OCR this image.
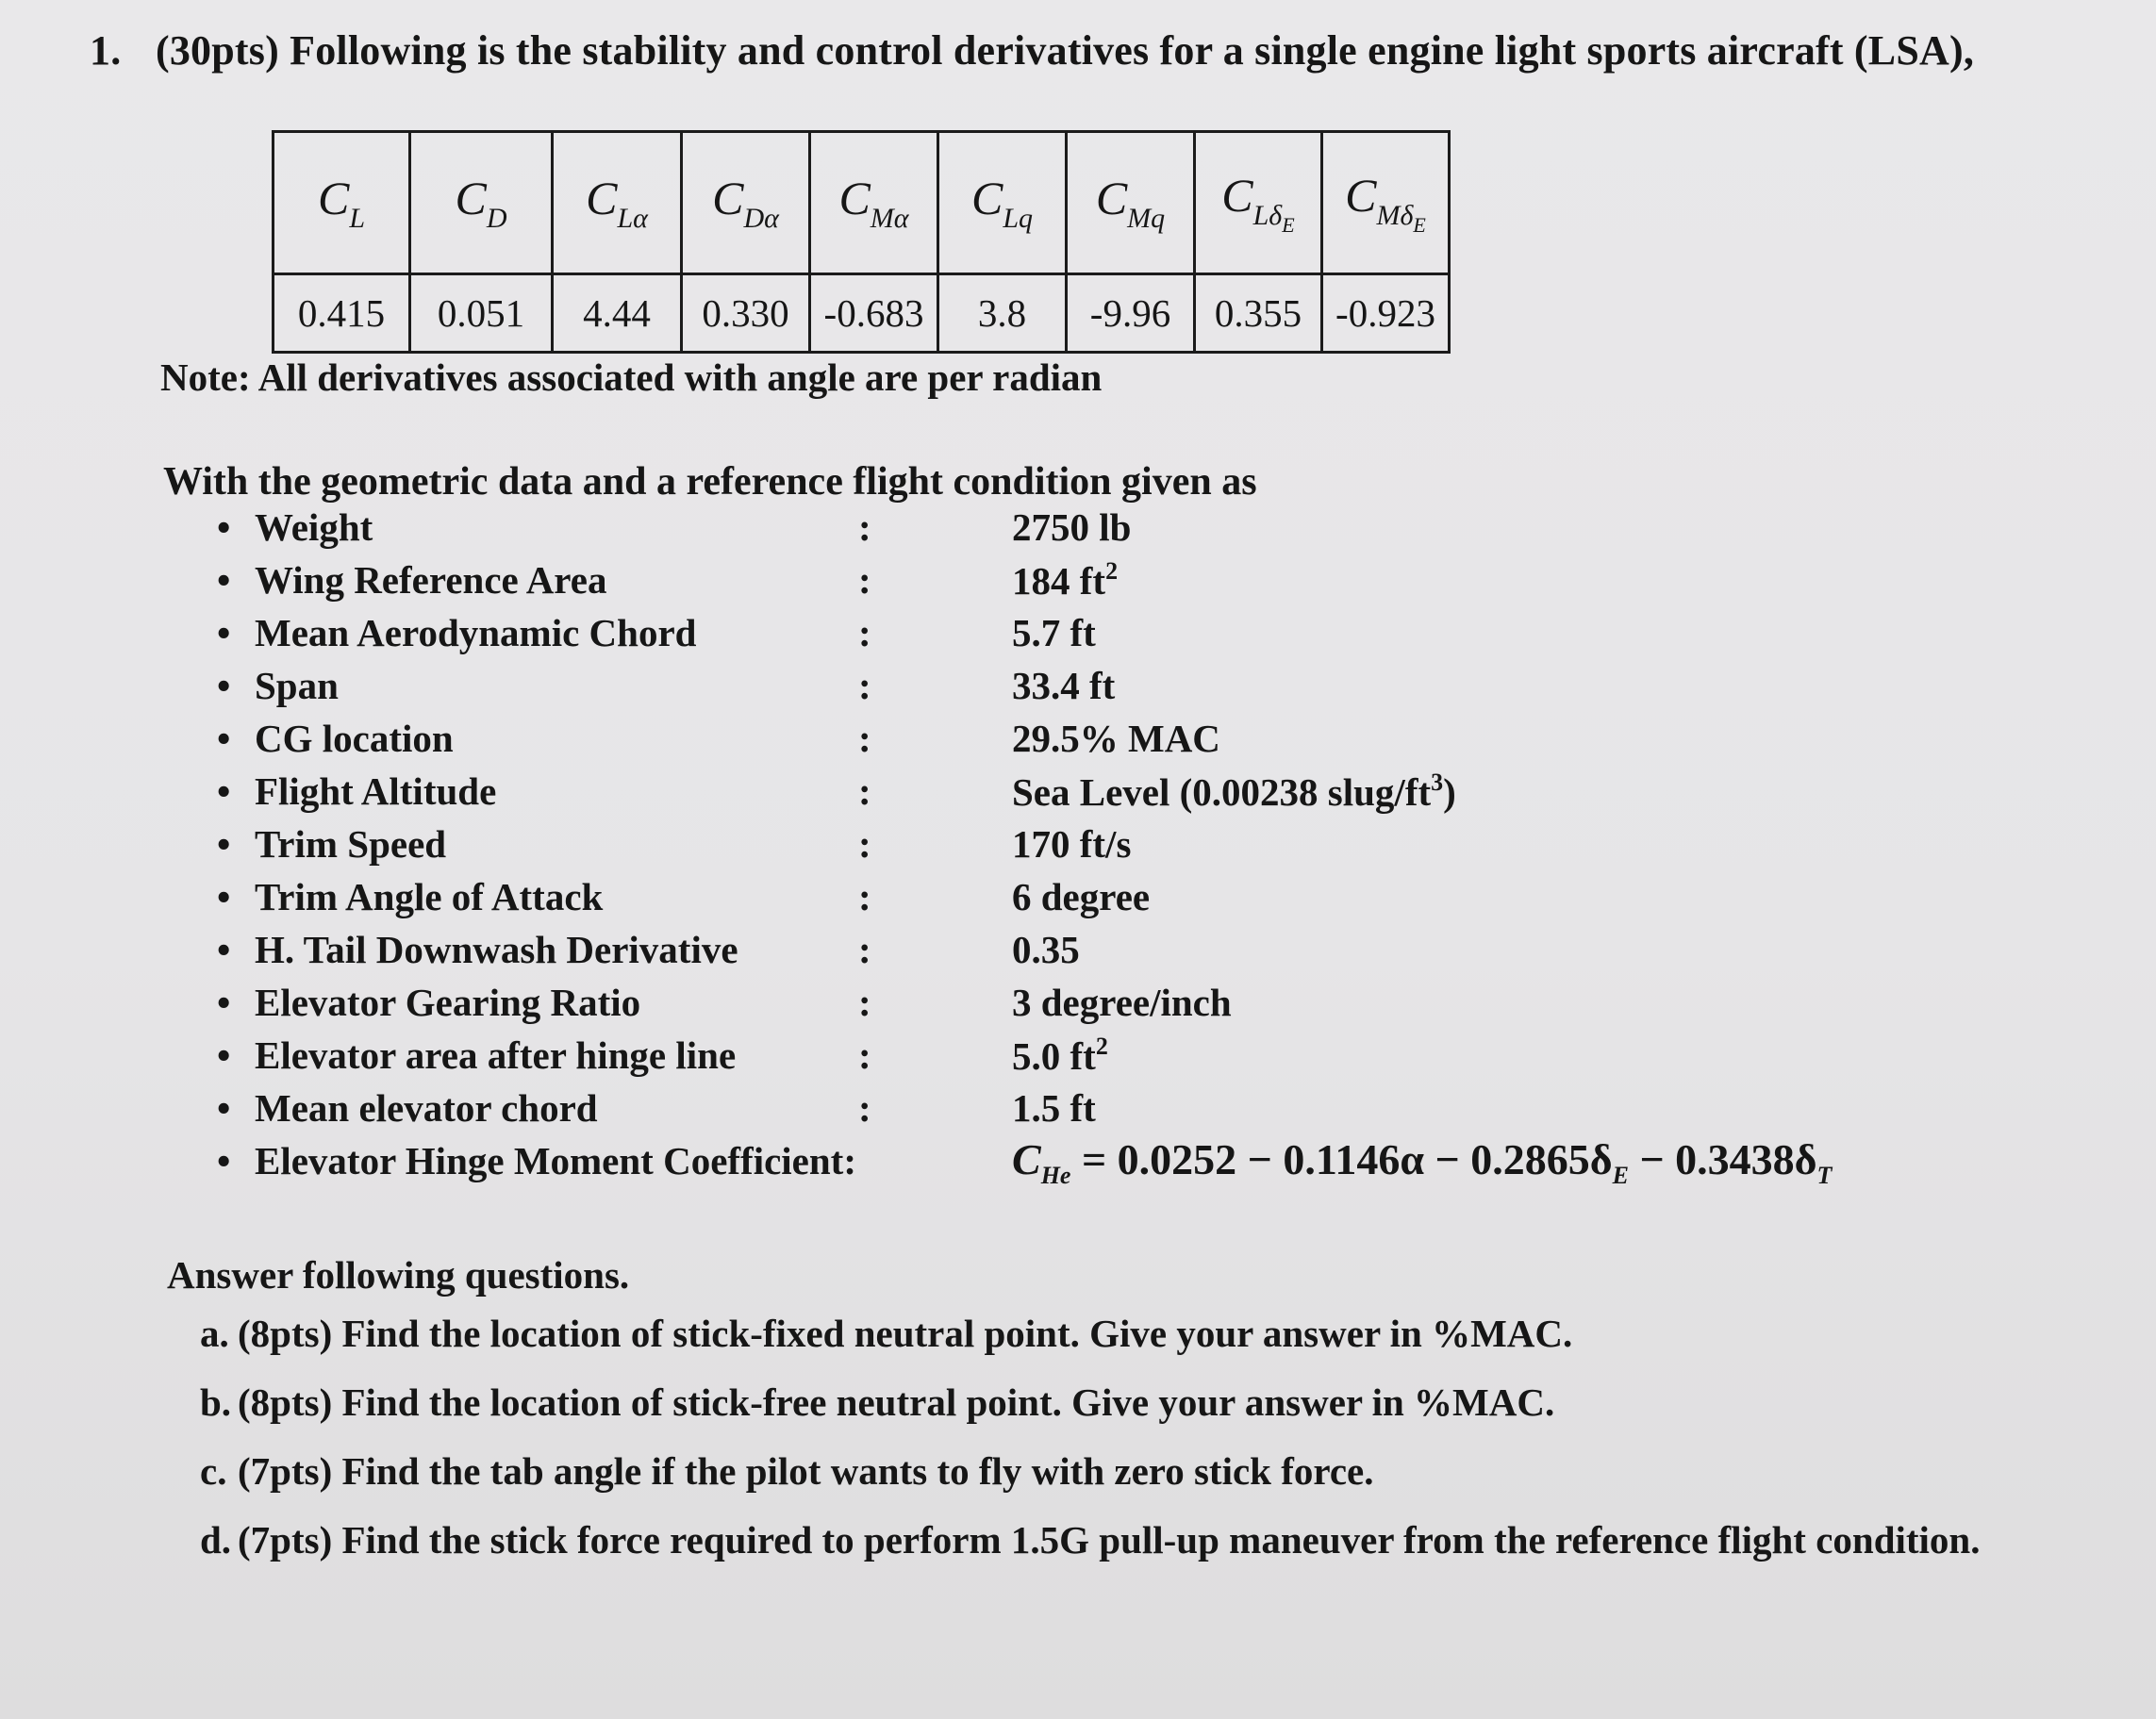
1. (30pts) Following is the stability and control derivatives for a single engine light sports aircraft (LSA),
$C_L$	$C_D$	$C_{L\alpha}$	$C_{D\alpha}$	$C_{M\alpha}$	$C_{Lq}$	$C_{Mq}$	$C_{L\delta_E}$	$C_{M\delta_E}$
0.415	0.051	4.44	0.330	-0.683	3.8	-9.96	0.355	-0.923
Note: All derivatives associated with angle are per radian
With the geometric data and a reference flight condition given as
• Weight	:	2750 lb
• Wing Reference Area	:	184 $ft^2$
• Mean Aerodynamic Chord	:	5.7 ft
• Span	:	33.4 ft
• CG location	:	29.5% MAC
• Flight Altitude	:	Sea Level (0.00238 slug/$ft^3$)
• Trim Speed	:	170 ft/s
• Trim Angle of Attack	:	6 degree
• H. Tail Downwash Derivative	:	0.35
• Elevator Gearing Ratio	:	3 degree/inch
• Elevator area after hinge line	:	5.0 $ft^2$
• Mean elevator chord	:	1.5 ft
• Elevator Hinge Moment Coefficient:	$C_{He} = 0.0252 - 0.1146\alpha - 0.2865\delta_E - 0.3438\delta_T$
Answer following questions.
a. (8pts) Find the location of stick-fixed neutral point. Give your answer in %MAC.
b. (8pts) Find the location of stick-free neutral point. Give your answer in %MAC.
c. (7pts) Find the tab angle if the pilot wants to fly with zero stick force.
d. (7pts) Find the stick force required to perform 1.5G pull-up maneuver from the reference flight condition.
